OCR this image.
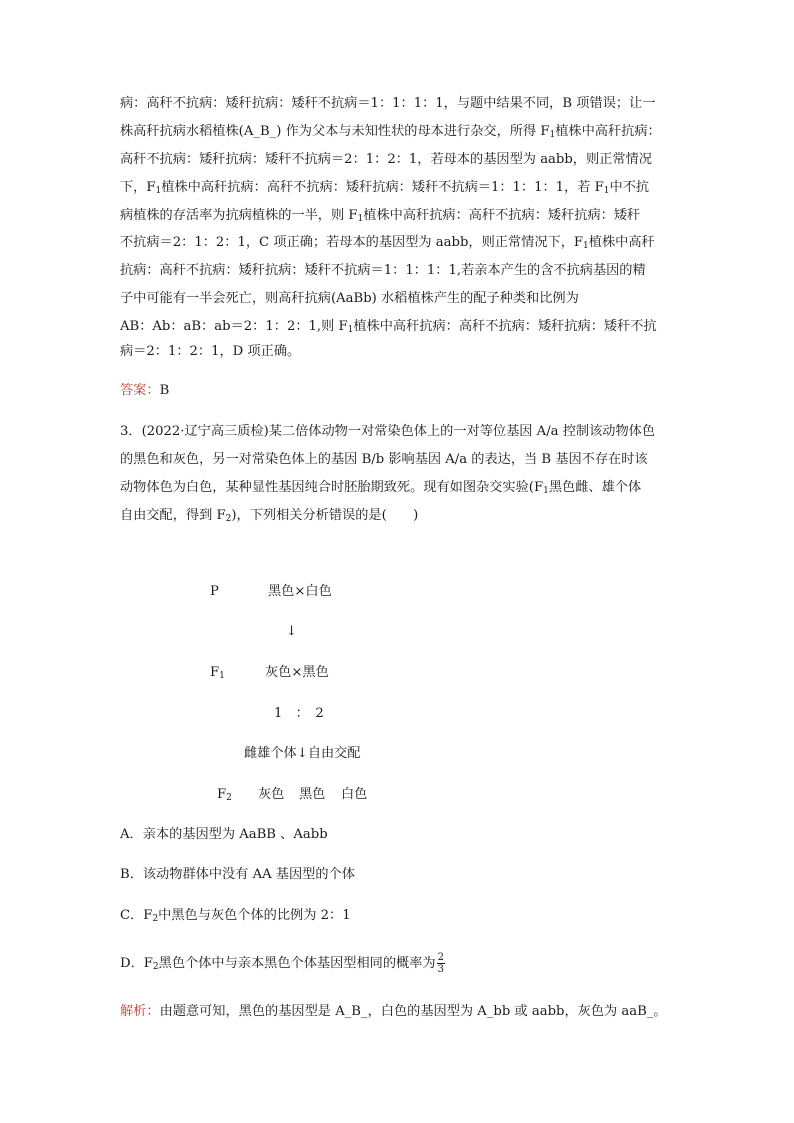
病：高秆不抗病：矮秆抗病：矮秆不抗病＝1：1：1：1，与题中结果不同，B 项错误；让一
株高秆抗病水稻植株(A_B_) 作为父本与未知性状的母本进行杂交，所得 $F_1$植株中高秆抗病：
高秆不抗病：矮秆抗病：矮秆不抗病＝2：1：2：1，若母本的基因型为 aabb，则正常情况
下，$F_1$植株中高秆抗病：高秆不抗病：矮秆抗病：矮秆不抗病＝1：1：1：1，若 $F_1$中不抗
病植株的存活率为抗病植株的一半，则 $F_1$植株中高秆抗病：高秆不抗病：矮秆抗病：矮秆
不抗病＝2：1：2：1，C 项正确；若母本的基因型为 aabb，则正常情况下，$F_1$植株中高秆
抗病：高秆不抗病：矮秆抗病：矮秆不抗病＝1：1：1：1,若亲本产生的含不抗病基因的精
子中可能有一半会死亡，则高秆抗病(AaBb) 水稻植株产生的配子种类和比例为
AB：Ab：aB：ab＝2：1：2：1,则 $F_1$植株中高秆抗病：高秆不抗病：矮秆抗病：矮秆不抗
病＝2：1：2：1，D 项正确。
答案：B
3．(2022·辽宁高三质检)某二倍体动物一对常染色体上的一对等位基因 A/a 控制该动物体色
的黑色和灰色，另一对常染色体上的基因 B/b 影响基因 A/a 的表达，当 B 基因不存在时该
动物体色为白色，某种显性基因纯合时胚胎期致死。现有如图杂交实验($F_1$黑色雌、雄个体
自由交配，得到 $F_2$)，下列相关分析错误的是(　　)
P	黑色×白色
↓
$F_1$	灰色×黑色
1　：　2
雌雄个体↓自由交配
$F_2$ 灰色 黑色 白色
A．亲本的基因型为 AaBB 、Aabb
B．该动物群体中没有 AA 基因型的个体
C．$F_2$中黑色与灰色个体的比例为 2：1
D．$F_2$黑色个体中与亲本黑色个体基因型相同的概率为 $\frac{2}{3}$
解析：由题意可知，黑色的基因型是 A_B_，白色的基因型为 A_bb 或 aabb，灰色为 aaB_。
